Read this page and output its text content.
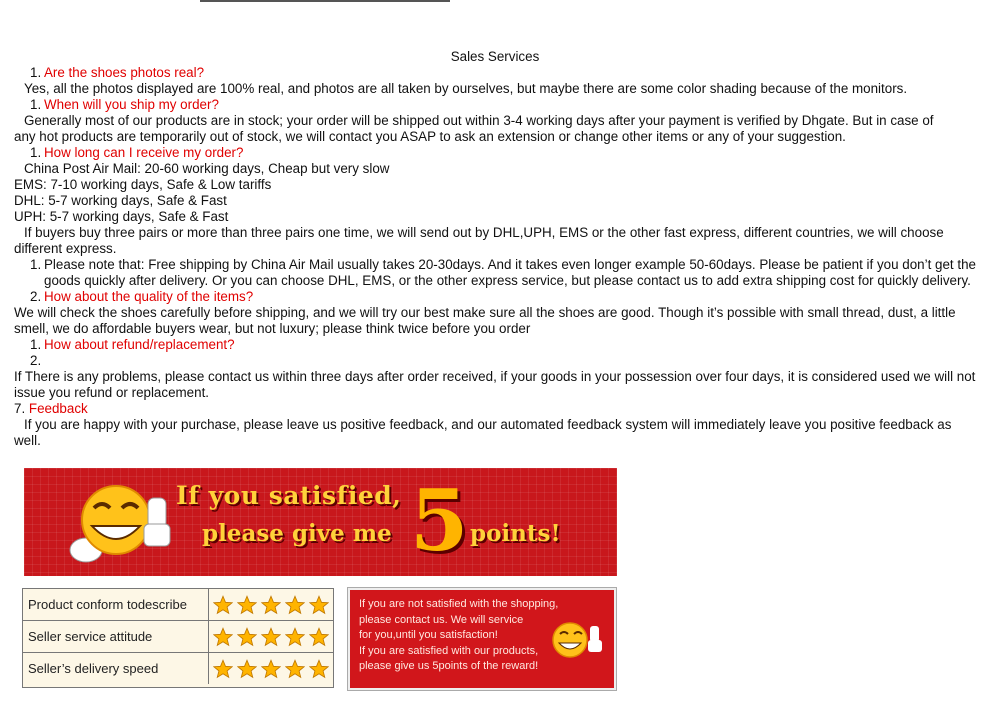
Sales Services
1. Are the shoes photos real?
Yes, all the photos displayed are 100% real, and photos are all taken by ourselves, but maybe there are some color shading because of the monitors.
1. When will you ship my order?
Generally most of our products are in stock; your order will be shipped out within 3-4 working days after your payment is verified by Dhgate. But in case of
any hot products are temporarily out of stock, we will contact you ASAP to ask an extension or change other items or any of your suggestion.
1. How long can I receive my order?
China Post Air Mail: 20-60 working days, Cheap but very slow
EMS: 7-10 working days, Safe & Low tariffs
DHL: 5-7 working days, Safe & Fast
UPH: 5-7 working days, Safe & Fast
If buyers buy three pairs or more than three pairs one time, we will send out by DHL,UPH, EMS or the other fast express, different countries, we will choose
different express.
1. Please note that: Free shipping by China Air Mail usually takes 20-30days. And it takes even longer example 50-60days. Please be patient if you don’t get the goods quickly after delivery. Or you can choose DHL, EMS, or the other express service, but please contact us to add extra shipping cost for quickly delivery.
2. How about the quality of the items?
We will check the shoes carefully before shipping, and we will try our best make sure all the shoes are good. Though it’s possible with small thread, dust, a little smell, we do affordable buyers wear, but not luxury; please think twice before you order
1. How about refund/replacement?
2.
If There is any problems, please contact us within three days after order received, if your goods in your possession over four days, it is considered used we will not issue you refund or replacement.
7. Feedback
If you are happy with your purchase, please leave us positive feedback, and our automated feedback system will immediately leave you positive feedback as well.
If you satisfied,
please give me 5 points!
Product conform todescribe
Seller service attitude
Seller’s delivery speed
If you are not satisfied with the shopping,
please contact us. We will service
for you,until you satisfaction!
If you are satisfied with our products,
please give us 5points of the reward!
